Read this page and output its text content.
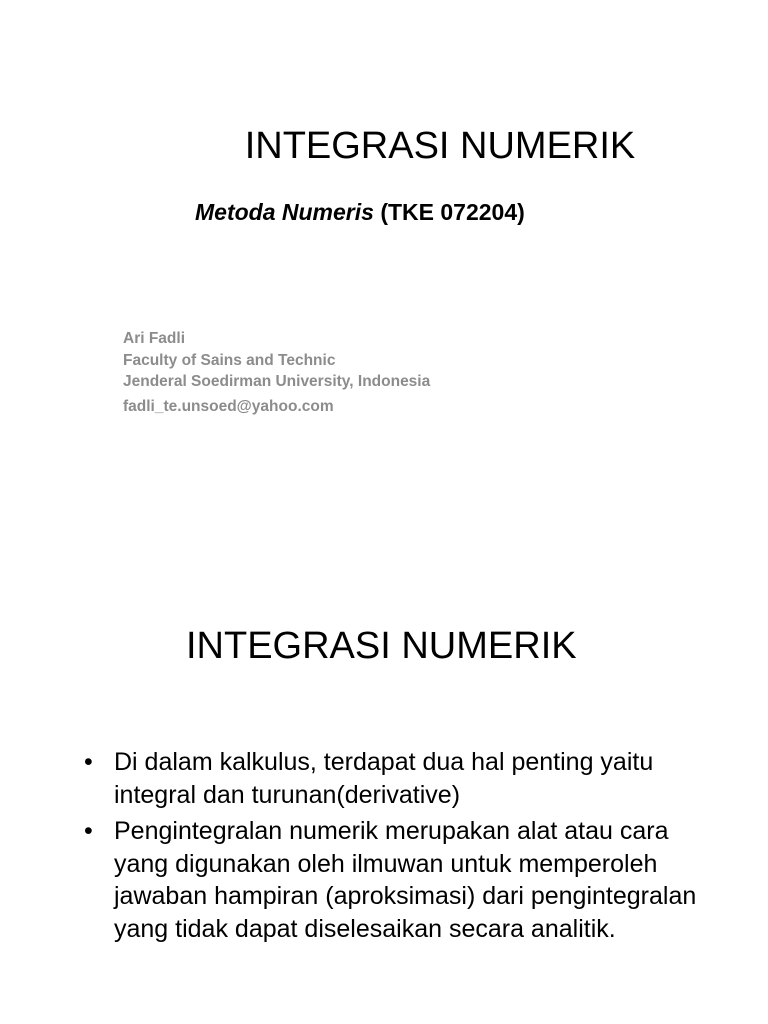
INTEGRASI NUMERIK
Metoda Numeris (TKE 072204)
Ari Fadli
Faculty of Sains and Technic
Jenderal Soedirman University, Indonesia
fadli_te.unsoed@yahoo.com
INTEGRASI NUMERIK
• Di dalam kalkulus, terdapat dua hal penting yaitu integral dan turunan(derivative)
• Pengintegralan numerik merupakan alat atau cara yang digunakan oleh ilmuwan untuk memperoleh jawaban hampiran (aproksimasi) dari pengintegralan yang tidak dapat diselesaikan secara analitik.
